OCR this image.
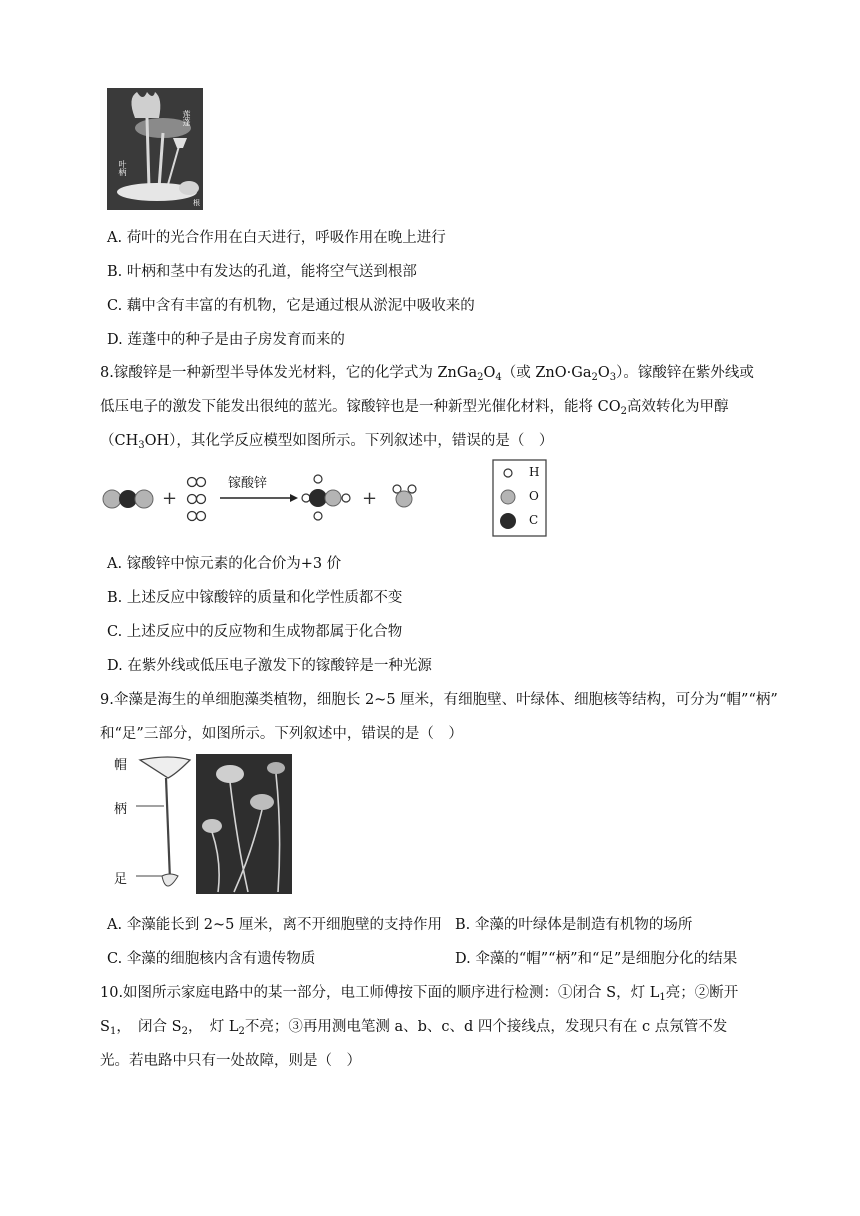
莲蓬
叶柄
根
A. 荷叶的光合作用在白天进行，呼吸作用在晚上进行
B. 叶柄和茎中有发达的孔道，能将空气送到根部
C. 藕中含有丰富的有机物，它是通过根从淤泥中吸收来的
D. 莲蓬中的种子是由子房发育而来的
8.镓酸锌是一种新型半导体发光材料，它的化学式为 $ZnGa_2O_4$（或 $ZnO\cdot Ga_2O_3$）。镓酸锌在紫外线或
低压电子的激发下能发出很纯的蓝光。镓酸锌也是一种新型光催化材料，能将 $CO_2$高效转化为甲醇
$(CH_3OH)$，其化学反应模型如图所示。下列叙述中，错误的是（　）
+	+
镓酸锌
H
O
C
A. 镓酸锌中惊元素的化合价为+3 价
B. 上述反应中镓酸锌的质量和化学性质都不变
C. 上述反应中的反应物和生成物都属于化合物
D. 在紫外线或低压电子激发下的镓酸锌是一种光源
9.伞藻是海生的单细胞藻类植物，细胞长 2~5 厘米，有细胞壁、叶绿体、细胞核等结构，可分为“帽”“柄”
和“足”三部分，如图所示。下列叙述中，错误的是（　）
帽
柄
足
A. 伞藻能长到 2~5 厘米，离不开细胞壁的支持作用 B. 伞藻的叶绿体是制造有机物的场所
C. 伞藻的细胞核内含有遗传物质	D. 伞藻的“帽”“柄”和“足”是细胞分化的结果
10.如图所示家庭电路中的某一部分，电工师傅按下面的顺序进行检测：①闭合 S，灯 $L_1$亮；②断开
$S_1$，　闭合 $S_2$，　灯 $L_2$不亮；③再用测电笔测 a、b、c、d 四个接线点，发现只有在 c 点氖管不发
光。若电路中只有一处故障，则是（　）
